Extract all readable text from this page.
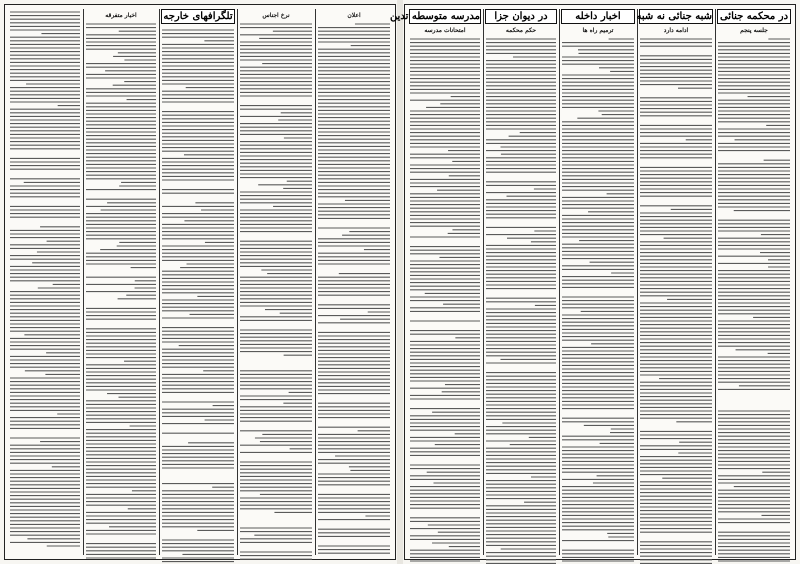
اخبار متفرقه	تلگرافهای خارجه	نرخ اجناس	اعلان	مدرسه متوسطه تدین
امتحانات مدرسه
در دیوان جزا
حکم محکمه
اخبار داخله
ترمیم راه ها
شبه جنائی نه شبه
ادامه دارد
در محکمه جنائی
جلسه پنجم
